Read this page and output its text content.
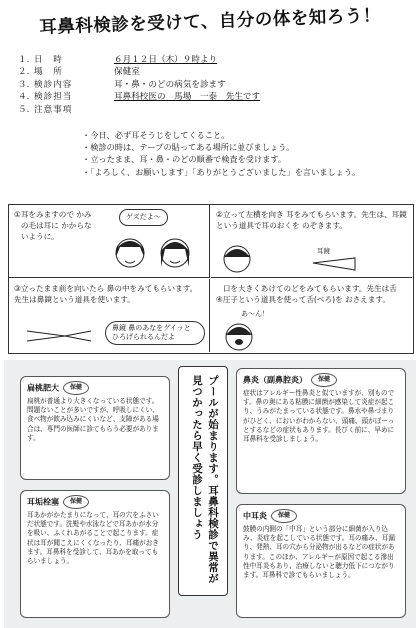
耳鼻科検診を受けて、自分の体を知ろう！
１. 日　時	６月１２日（木）９時より
２. 場　所	保健室
３. 検診内容	耳・鼻・のどの病気を診ます
４. 検診担当	耳鼻科校医の　馬場　一泰　先生です
５. 注意事項
・ 今日、必ず耳そうじをしてくること。
・ 検診の時は、テープの貼ってある場所に並びましょう。
・ 立ったまま、耳・鼻・のどの順番で検査を受けます。
・ 「よろしく、お願いします」「ありがとうございました」を言いましょう。
①耳をみますので かみの毛は耳に かからないように。
ゲズだよ～	②立って左横を向き 耳をみてもらいます。先生は、耳鏡という道具で耳のおくを のぞきます。
耳鏡
③立ったまま前を向いたら 鼻の中をみてもらいます。先生は鼻鏡という道具を使います。
鼻鏡 鼻のあなをグイッと ひろげられるんだよ
④口を大きくあけてのどをみてもらいます。先生は舌圧子という道具を使って舌(べろ)を おさえます。
あ～ん！
扁桃肥大 保健
扁桃が普通より大きくなっている状態です。問題ないことが多いですが、呼吸しにくい、食べ物が飲み込みにくいなど、支障がある場合は、専門の医師に診てもらう必要があります。
耳垢栓塞 保健
耳あかがかたまりになって、耳の穴をふさいだ状態です。洗髪や水泳などで耳あかが水分を吸い、ふくれあがることで起こります。症状は耳が聞こえにくくなったり、耳痛がおきます。耳鼻科を受診して、耳あかを取ってもらいましょう。	プールが始まります。耳鼻科検診で異常が見つかったら早く受診しましょう	鼻炎（副鼻腔炎） 保健
症状はアレルギー性鼻炎と似ていますが、別ものです。鼻の奥にある粘膜に細菌が感染して炎症が起こり、うみがたまっている状態です。鼻水や鼻づまりがひどく、においがわからない、頭痛、頭がぼーっとするなどの症状もあります。長びく前に、早めに耳鼻科を受診しましょう。
中耳炎 保健
鼓膜の内側の「中耳」という部分に細菌が入り込み、炎症を起こしている状態です。耳の痛み、耳漏り、発熱、耳の穴から分泌物が出るなどの症状があります。このほか、アレルギーが原因で起こる滲出性中耳炎もあり、治療しないと聴力低下につながります。耳鼻科で診てもらいましょう。
